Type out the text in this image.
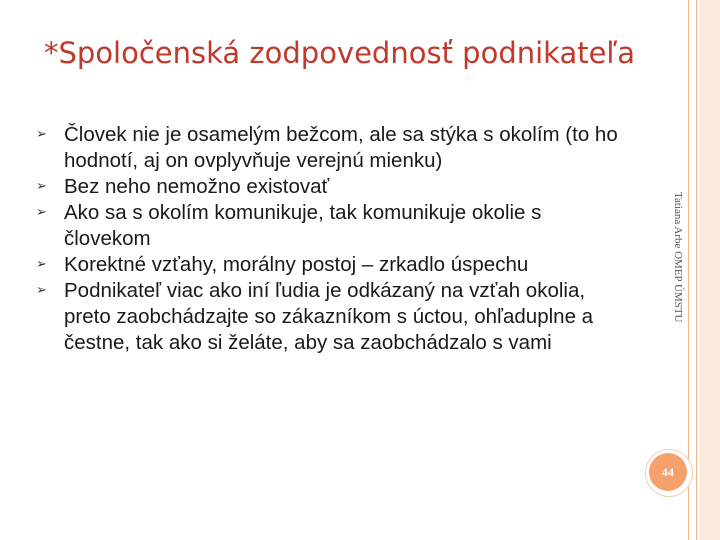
*Spoločenská zodpovednosť podnikateľa
➢ Človek nie je osamelým bežcom, ale sa stýka s okolím (to ho hodnotí, aj on ovplyvňuje verejnú mienku)
➢ Bez neho nemožno existovať
➢ Ako sa s okolím komunikuje, tak komunikuje okolie s človekom
➢ Korektné vzťahy, morálny postoj – zrkadlo úspechu
➢ Podnikateľ viac ako iní ľudia je odkázaný na vzťah okolia, preto zaobchádzajte so zákazníkom s úctou, ohľaduplne a čestne, tak ako si želáte, aby sa zaobchádzalo s vami
Tatiana Arbe OMEP ÚMSTU
44
